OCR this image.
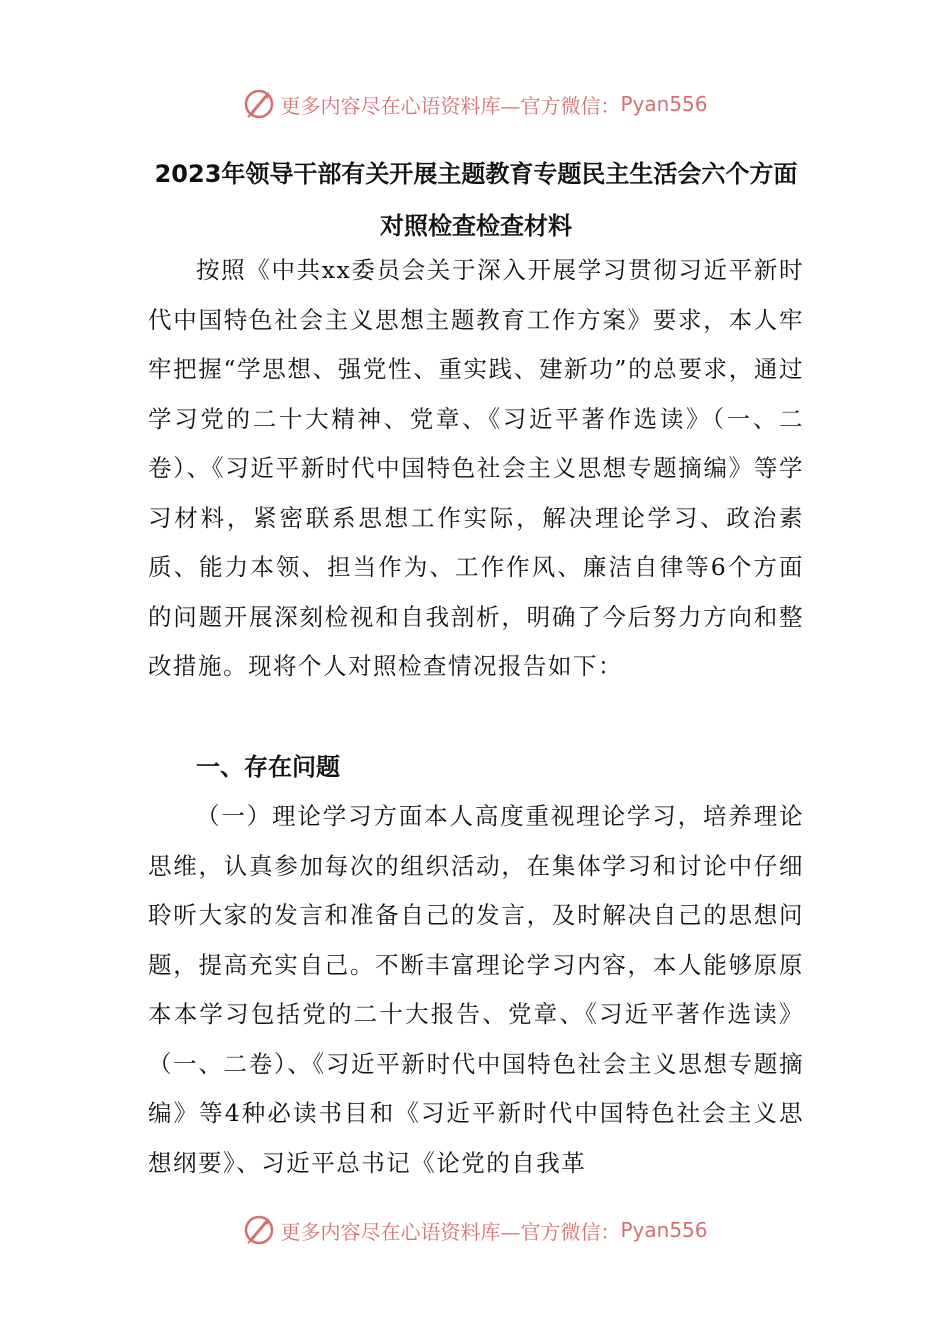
更多内容尽在心语资料库—官方微信： Pyan556
2023年领导干部有关开展主题教育专题民主生活会六个方面对照检查检查材料

按照《中共xx委员会关于深入开展学习贯彻习近平新时代中国特色社会主义思想主题教育工作方案》要求，本人牢牢把握“学思想、强党性、重实践、建新功”的总要求，通过学习党的二十大精神、党章、《习近平著作选读》（一、二卷）、《习近平新时代中国特色社会主义思想专题摘编》等学习材料，紧密联系思想工作实际，解决理论学习、政治素质、能力本领、担当作为、工作作风、廉洁自律等6个方面的问题开展深刻检视和自我剖析，明确了今后努力方向和整改措施。现将个人对照检查情况报告如下：

一、存在问题

（一）理论学习方面本人高度重视理论学习，培养理论思维，认真参加每次的组织活动，在集体学习和讨论中仔细聆听大家的发言和准备自己的发言，及时解决自己的思想问题，提高充实自己。不断丰富理论学习内容，本人能够原原本本学习包括党的二十大报告、党章、《习近平著作选读》（一、二卷）、《习近平新时代中国特色社会主义思想专题摘编》等4种必读书目和《习近平新时代中国特色社会主义思想纲要》、习近平总书记《论党的自我革

更多内容尽在心语资料库—官方微信： Pyan556
